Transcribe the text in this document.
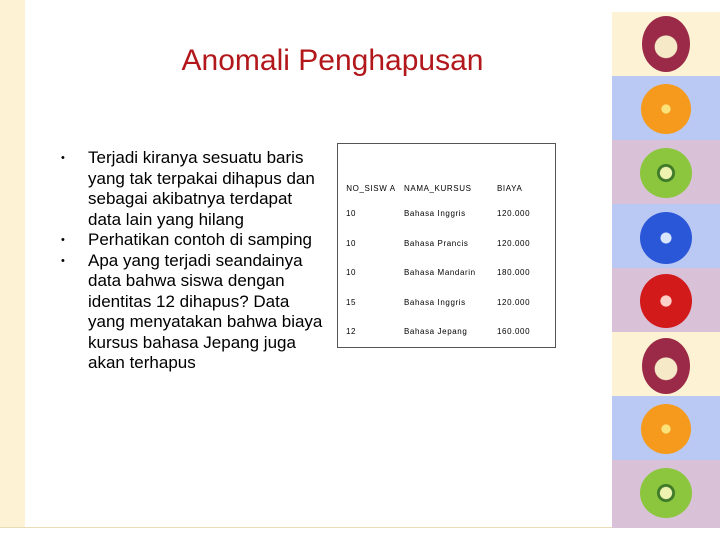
Anomali Penghapusan
• Terjadi kiranya sesuatu baris yang tak terpakai dihapus dan sebagai akibatnya terdapat data lain yang hilang
• Perhatikan contoh di samping
• Apa yang terjadi seandainya data bahwa siswa dengan identitas 12 dihapus? Data yang menyatakan bahwa biaya kursus bahasa Jepang juga akan terhapus
NO_SISW A	NAMA_KURSUS	BIAYA
10	Bahasa Inggris	120.000
10	Bahasa Prancis	120.000
10	Bahasa Mandarin	180.000
15	Bahasa Inggris	120.000
12	Bahasa Jepang	160.000
